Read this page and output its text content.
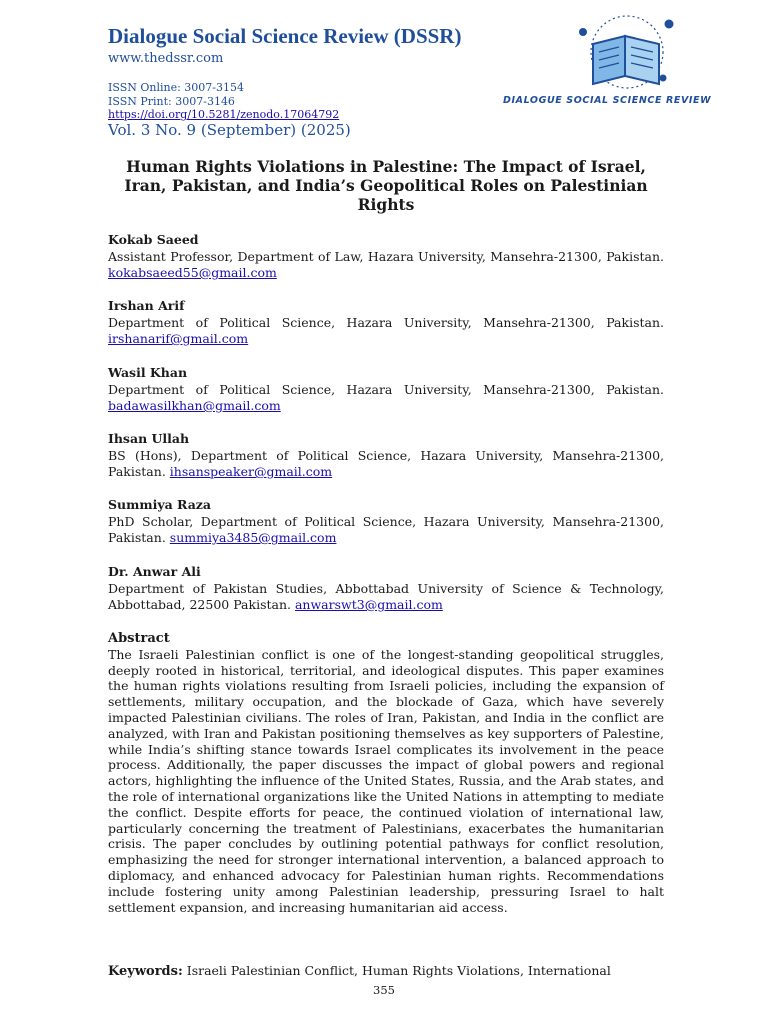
Dialogue Social Science Review (DSSR)
www.thedssr.com
ISSN Online: 3007-3154
ISSN Print: 3007-3146
https://doi.org/10.5281/zenodo.17064792
Vol. 3 No. 9 (September) (2025)
DIALOGUE SOCIAL SCIENCE REVIEW
Human Rights Violations in Palestine: The Impact of Israel, Iran, Pakistan, and India’s Geopolitical Roles on Palestinian Rights
Kokab Saeed
Assistant Professor, Department of Law, Hazara University, Mansehra-21300, Pakistan. kokabsaeed55@gmail.com
Irshan Arif
Department of Political Science, Hazara University, Mansehra-21300, Pakistan. irshanarif@gmail.com
Wasil Khan
Department of Political Science, Hazara University, Mansehra-21300, Pakistan. badawasilkhan@gmail.com
Ihsan Ullah
BS (Hons), Department of Political Science, Hazara University, Mansehra-21300, Pakistan. ihsanspeaker@gmail.com
Summiya Raza
PhD Scholar, Department of Political Science, Hazara University, Mansehra-21300, Pakistan. summiya3485@gmail.com
Dr. Anwar Ali
Department of Pakistan Studies, Abbottabad University of Science & Technology, Abbottabad, 22500 Pakistan. anwarswt3@gmail.com
Abstract

The Israeli Palestinian conflict is one of the longest-standing geopolitical struggles, deeply rooted in historical, territorial, and ideological disputes. This paper examines the human rights violations resulting from Israeli policies, including the expansion of settlements, military occupation, and the blockade of Gaza, which have severely impacted Palestinian civilians. The roles of Iran, Pakistan, and India in the conflict are analyzed, with Iran and Pakistan positioning themselves as key supporters of Palestine, while India’s shifting stance towards Israel complicates its involvement in the peace process. Additionally, the paper discusses the impact of global powers and regional actors, highlighting the influence of the United States, Russia, and the Arab states, and the role of international organizations like the United Nations in attempting to mediate the conflict. Despite efforts for peace, the continued violation of international law, particularly concerning the treatment of Palestinians, exacerbates the humanitarian crisis. The paper concludes by outlining potential pathways for conflict resolution, emphasizing the need for stronger international intervention, a balanced approach to diplomacy, and enhanced advocacy for Palestinian human rights. Recommendations include fostering unity among Palestinian leadership, pressuring Israel to halt settlement expansion, and increasing humanitarian aid access.

Keywords: Israeli Palestinian Conflict, Human Rights Violations, International
355
